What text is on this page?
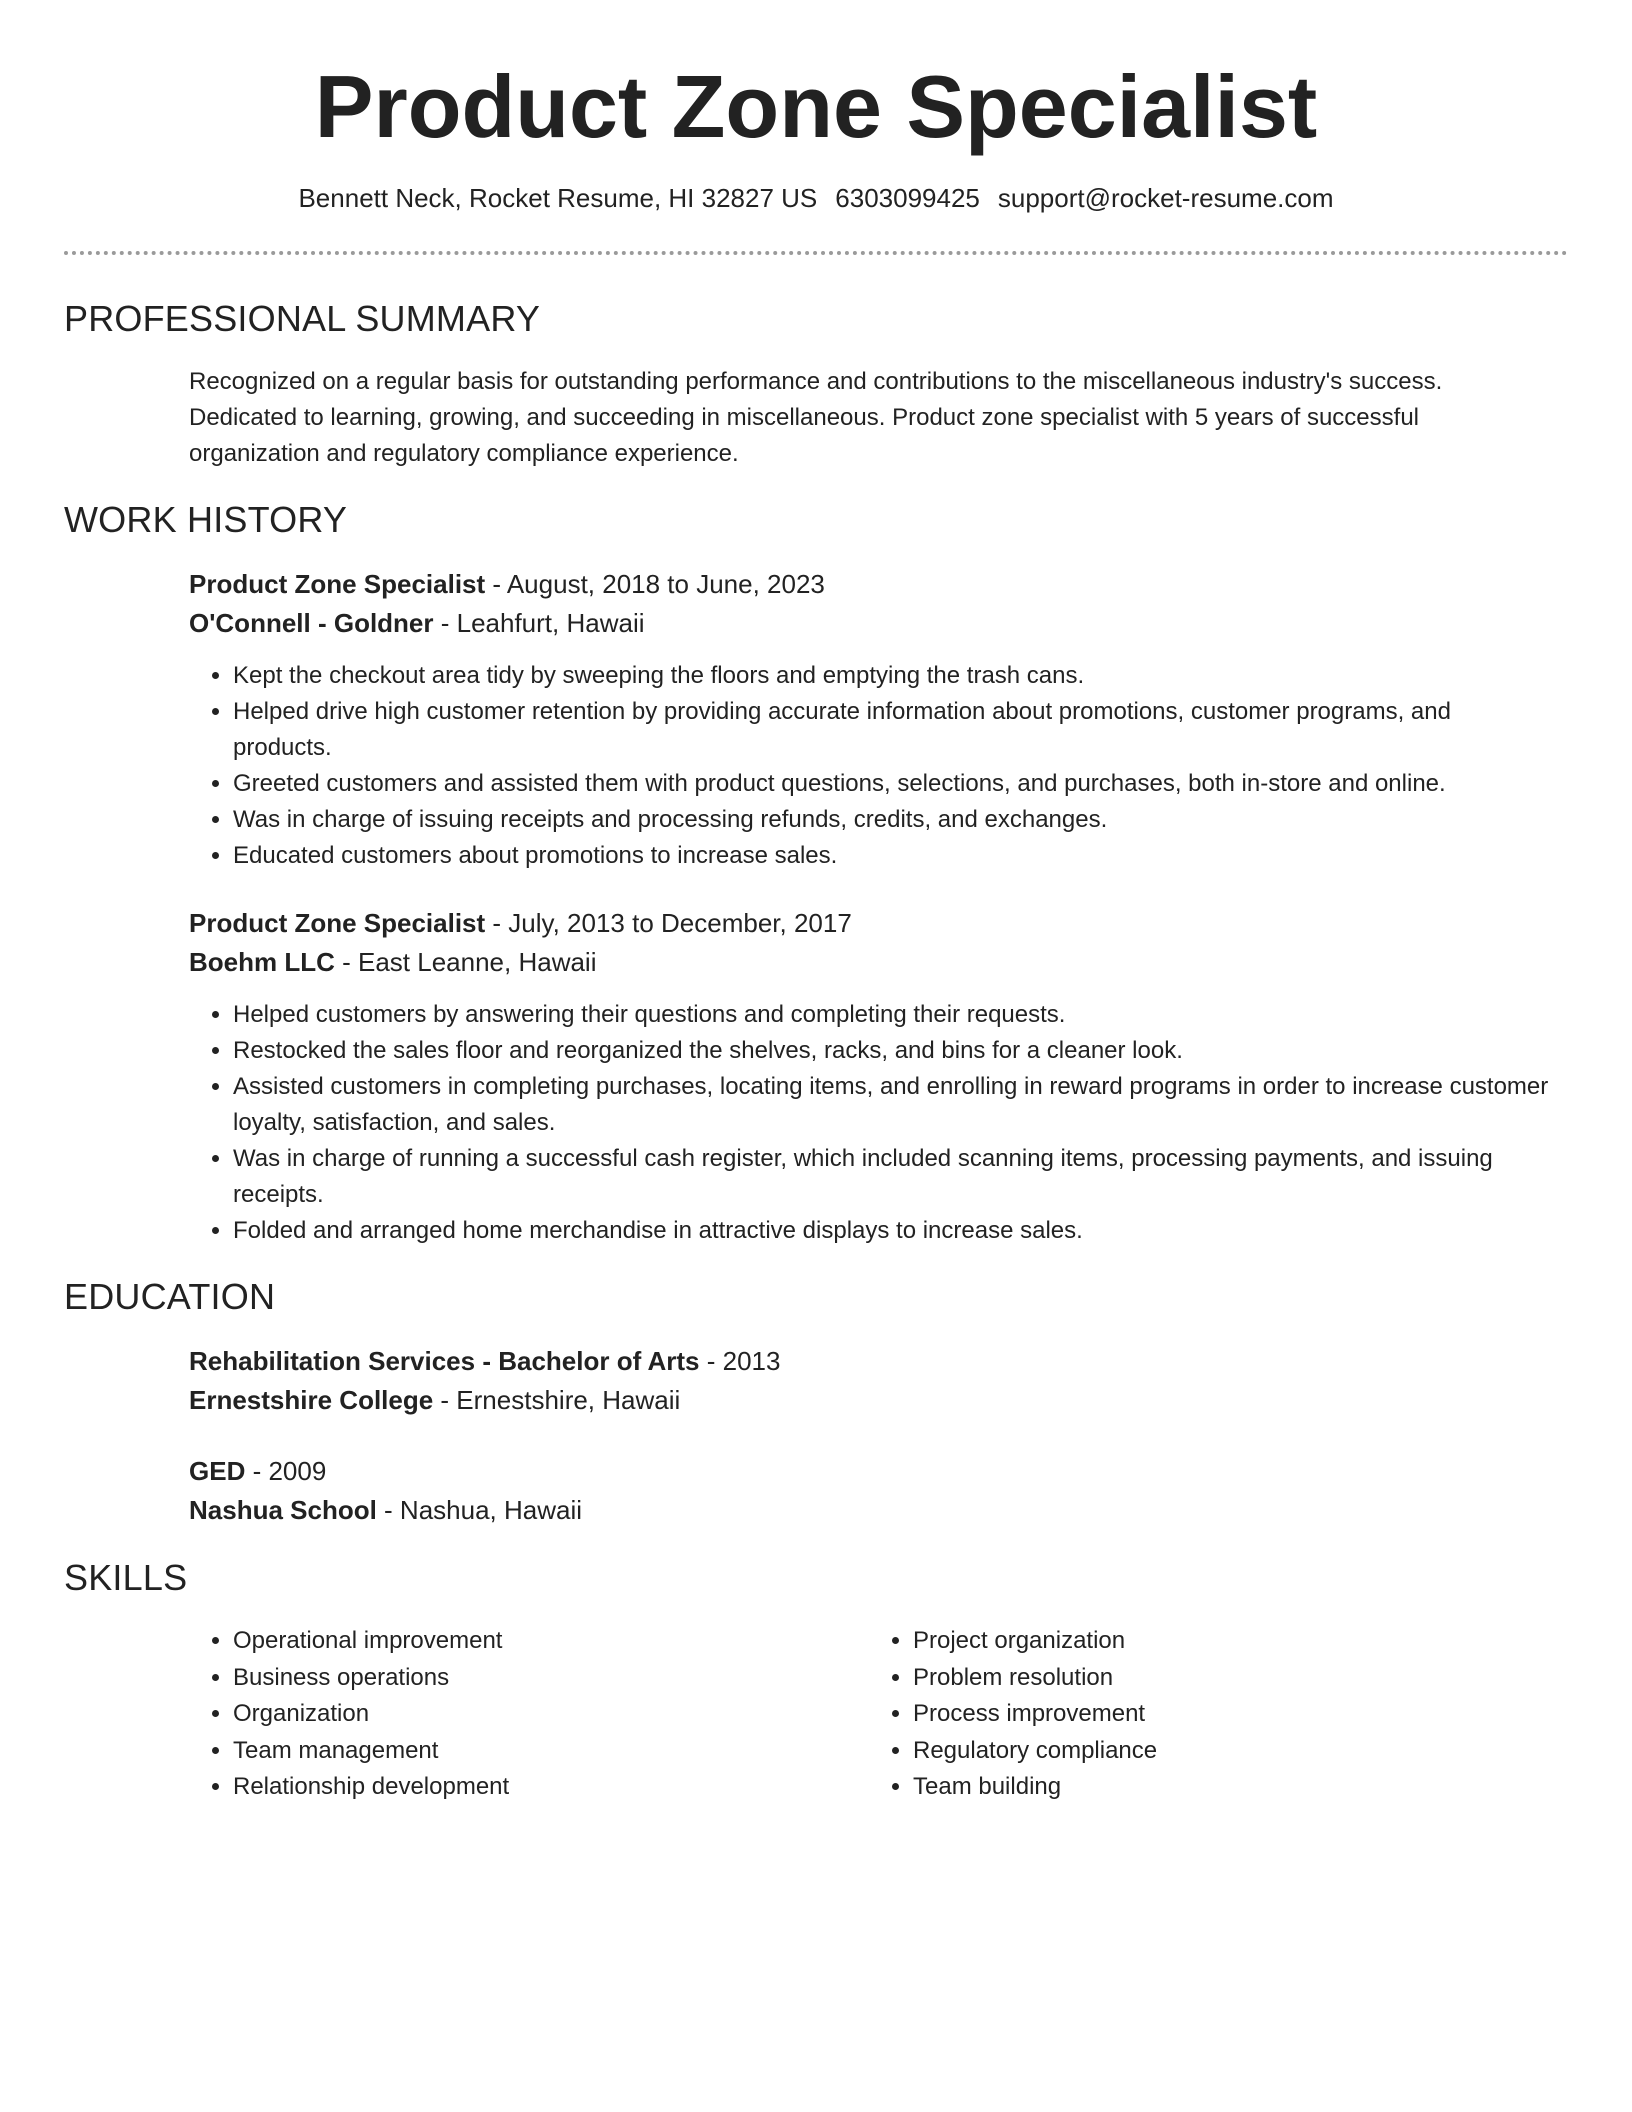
Product Zone Specialist
Bennett Neck, Rocket Resume, HI 32827 US 6303099425 support@rocket-resume.com
PROFESSIONAL SUMMARY

Recognized on a regular basis for outstanding performance and contributions to the miscellaneous industry's success. Dedicated to learning, growing, and succeeding in miscellaneous. Product zone specialist with 5 years of successful organization and regulatory compliance experience.

WORK HISTORY

Product Zone Specialist - August, 2018 to June, 2023

O'Connell - Goldner - Leahfurt, Hawaii

• Kept the checkout area tidy by sweeping the floors and emptying the trash cans.
• Helped drive high customer retention by providing accurate information about promotions, customer programs, and products.
• Greeted customers and assisted them with product questions, selections, and purchases, both in-store and online.
• Was in charge of issuing receipts and processing refunds, credits, and exchanges.
• Educated customers about promotions to increase sales.

Product Zone Specialist - July, 2013 to December, 2017

Boehm LLC - East Leanne, Hawaii

• Helped customers by answering their questions and completing their requests.
• Restocked the sales floor and reorganized the shelves, racks, and bins for a cleaner look.
• Assisted customers in completing purchases, locating items, and enrolling in reward programs in order to increase customer loyalty, satisfaction, and sales.
• Was in charge of running a successful cash register, which included scanning items, processing payments, and issuing receipts.
• Folded and arranged home merchandise in attractive displays to increase sales.
EDUCATION

Rehabilitation Services - Bachelor of Arts - 2013

Ernestshire College - Ernestshire, Hawaii

GED - 2009

Nashua School - Nashua, Hawaii

SKILLS
• Operational improvement
• Business operations
• Organization
• Team management
• Relationship development
• Project organization
• Problem resolution
• Process improvement
• Regulatory compliance
• Team building
